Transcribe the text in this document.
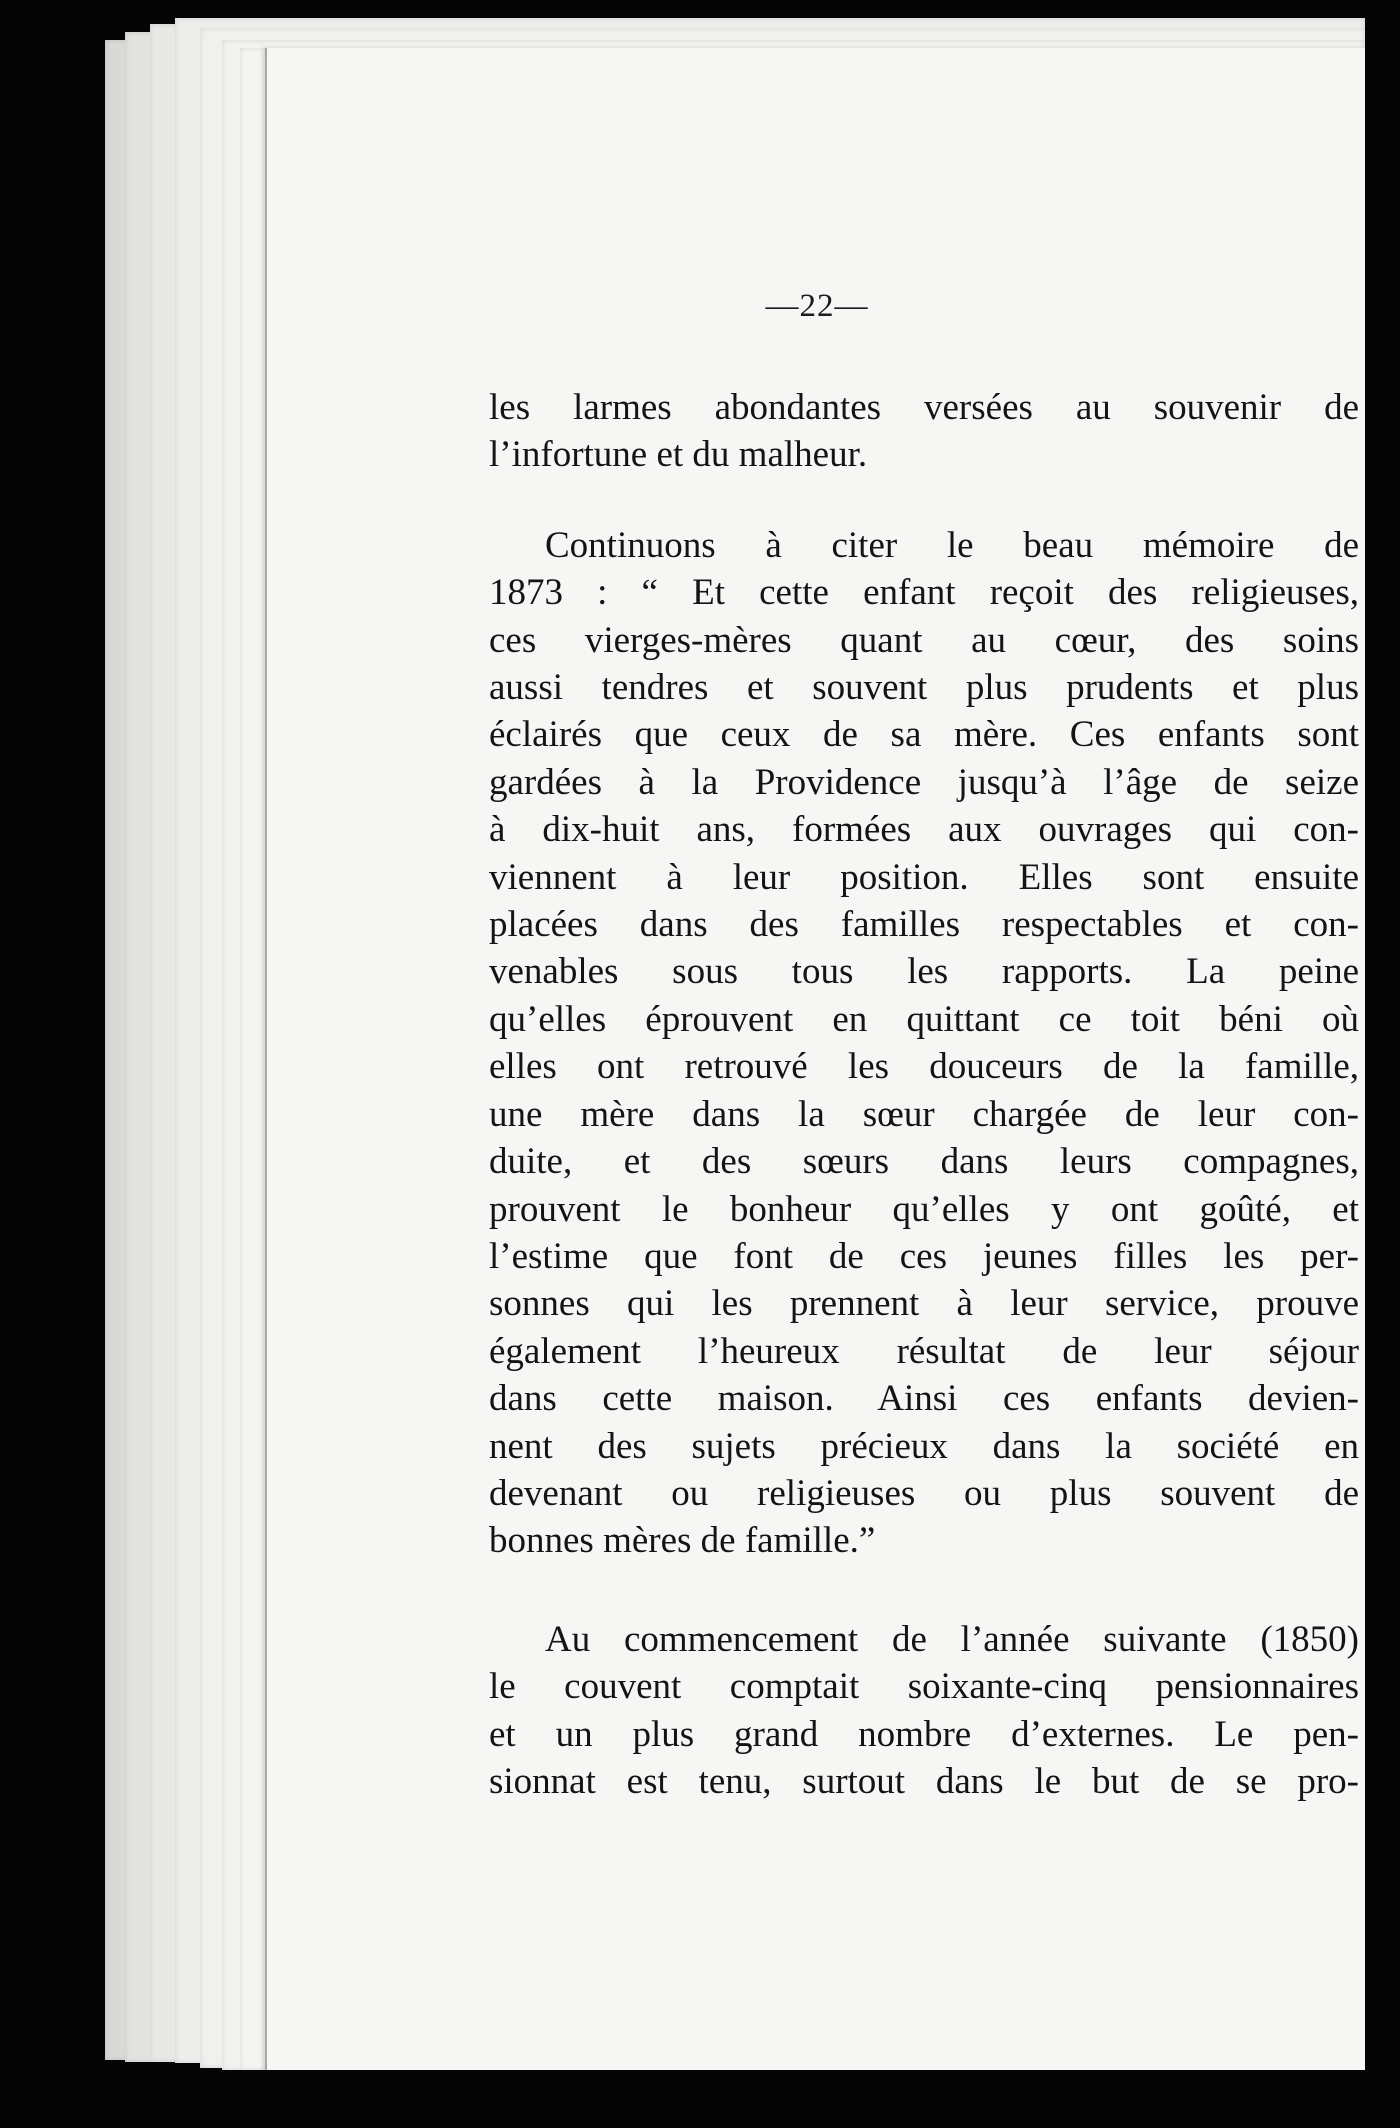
—22—

les larmes abondantes versées au souvenir de
l’infortune et du malheur.

Continuons à citer le beau mémoire de
1873 : “ Et cette enfant reçoit des religieuses,
ces vierges-mères quant au cœur, des soins
aussi tendres et souvent plus prudents et plus
éclairés que ceux de sa mère. Ces enfants sont
gardées à la Providence jusqu’à l’âge de seize
à dix-huit ans, formées aux ouvrages qui con-
viennent à leur position. Elles sont ensuite
placées dans des familles respectables et con-
venables sous tous les rapports. La peine
qu’elles éprouvent en quittant ce toit béni où
elles ont retrouvé les douceurs de la famille,
une mère dans la sœur chargée de leur con-
duite, et des sœurs dans leurs compagnes,
prouvent le bonheur qu’elles y ont goûté, et
l’estime que font de ces jeunes filles les per-
sonnes qui les prennent à leur service, prouve
également l’heureux résultat de leur séjour
dans cette maison. Ainsi ces enfants devien-
nent des sujets précieux dans la société en
devenant ou religieuses ou plus souvent de
bonnes mères de famille.”

Au commencement de l’année suivante (1850)
le couvent comptait soixante-cinq pensionnaires
et un plus grand nombre d’externes. Le pen-
sionnat est tenu, surtout dans le but de se pro-
